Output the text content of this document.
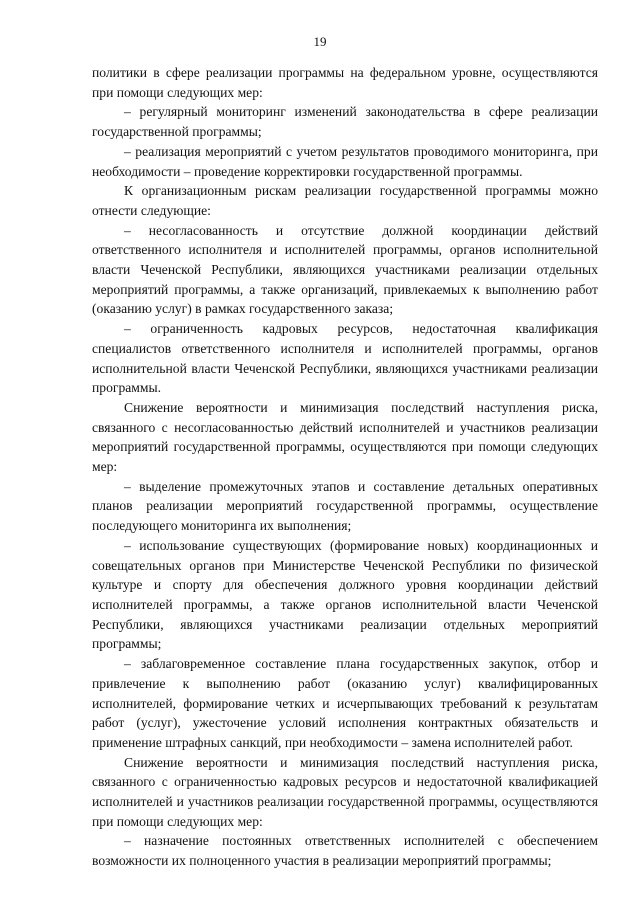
19

политики в сфере реализации программы на федеральном уровне, осуществляются при помощи следующих мер:

– регулярный мониторинг изменений законодательства в сфере реализации государственной программы;

– реализация мероприятий с учетом результатов проводимого мониторинга, при необходимости – проведение корректировки государственной программы.

К организационным рискам реализации государственной программы можно отнести следующие:

– несогласованность и отсутствие должной координации действий ответственного исполнителя и исполнителей программы, органов исполнительной власти Чеченской Республики, являющихся участниками реализации отдельных мероприятий программы, а также организаций, привлекаемых к выполнению работ (оказанию услуг) в рамках государственного заказа;

– ограниченность кадровых ресурсов, недостаточная квалификация специалистов ответственного исполнителя и исполнителей программы, органов исполнительной власти Чеченской Республики, являющихся участниками реализации программы.

Снижение вероятности и минимизация последствий наступления риска, связанного с несогласованностью действий исполнителей и участников реализации мероприятий государственной программы, осуществляются при помощи следующих мер:

– выделение промежуточных этапов и составление детальных оперативных планов реализации мероприятий государственной программы, осуществление последующего мониторинга их выполнения;

– использование существующих (формирование новых) координационных и совещательных органов при Министерстве Чеченской Республики по физической культуре и спорту для обеспечения должного уровня координации действий исполнителей программы, а также органов исполнительной власти Чеченской Республики, являющихся участниками реализации отдельных мероприятий программы;

– заблаговременное составление плана государственных закупок, отбор и привлечение к выполнению работ (оказанию услуг) квалифицированных исполнителей, формирование четких и исчерпывающих требований к результатам работ (услуг), ужесточение условий исполнения контрактных обязательств и применение штрафных санкций, при необходимости – замена исполнителей работ.

Снижение вероятности и минимизация последствий наступления риска, связанного с ограниченностью кадровых ресурсов и недостаточной квалификацией исполнителей и участников реализации государственной программы, осуществляются при помощи следующих мер:

– назначение постоянных ответственных исполнителей с обеспечением возможности их полноценного участия в реализации мероприятий программы;
